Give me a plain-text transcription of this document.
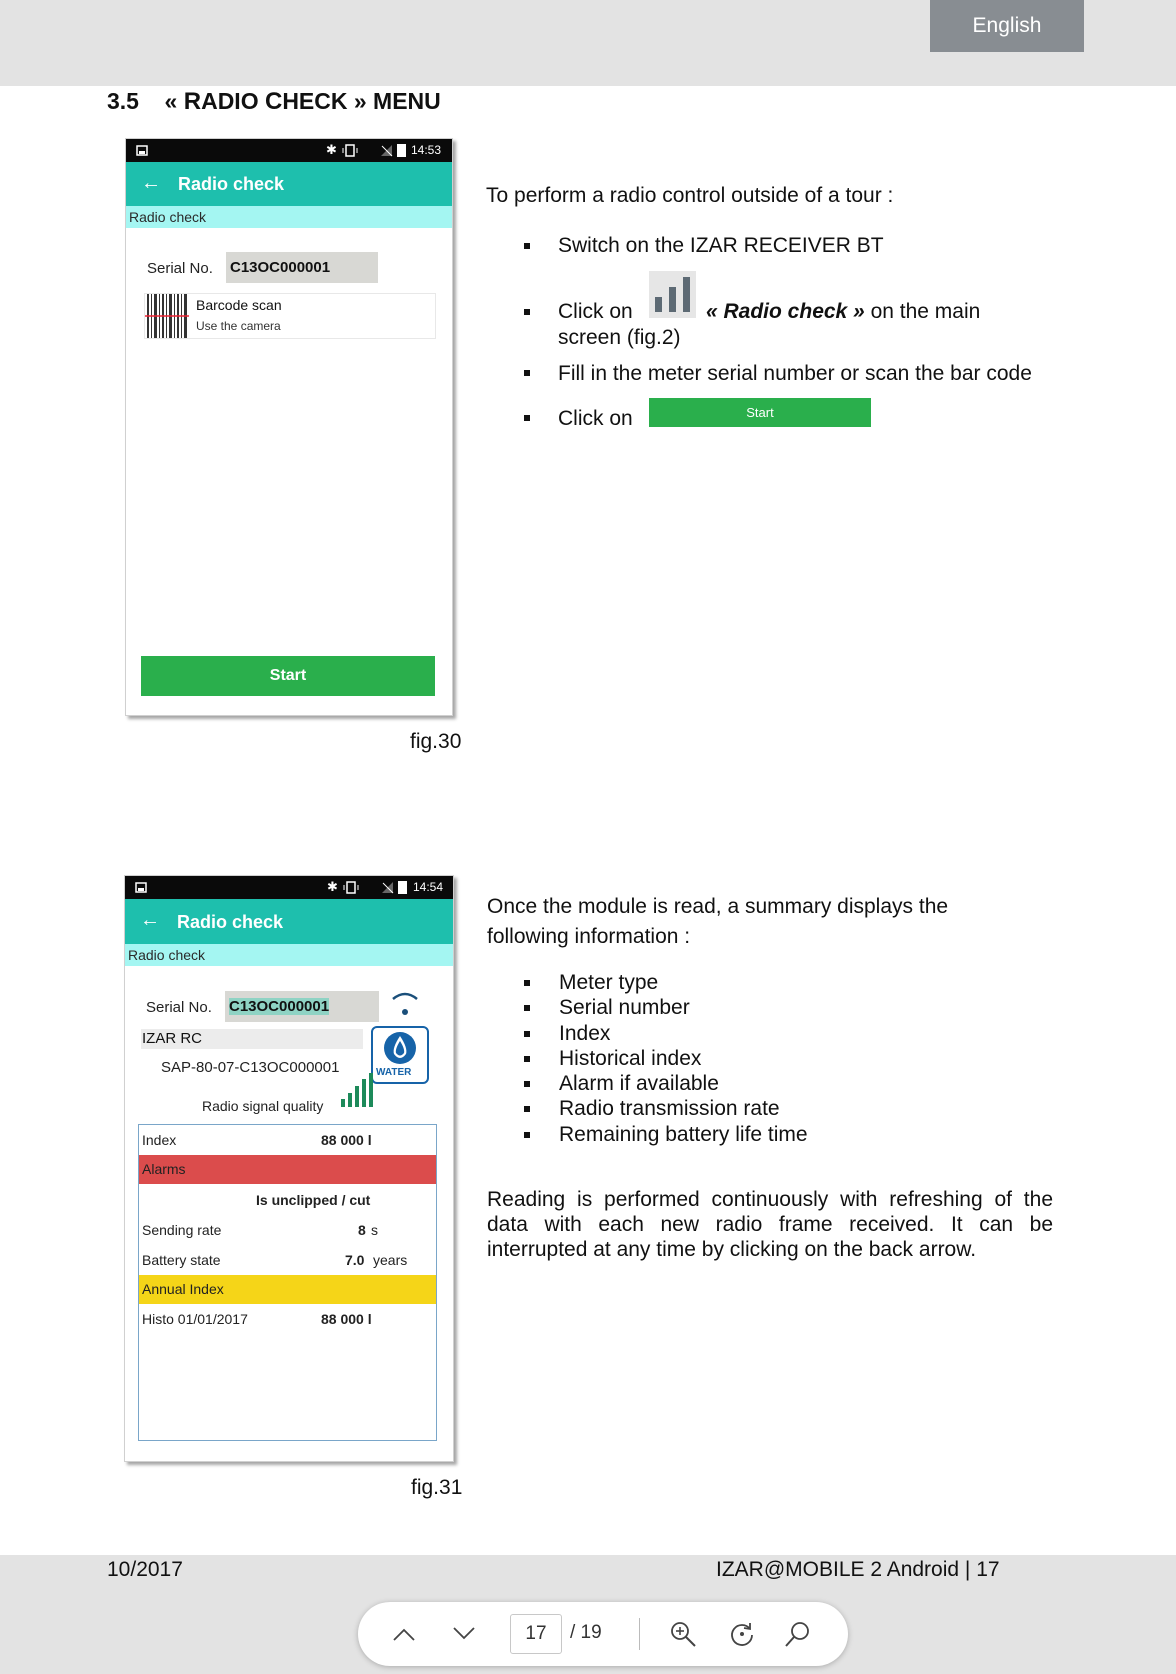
English
3.5 « RADIO CHECK » MENU
✱	14:53
← Radio check
Radio check
Serial No. C13OC000001
Barcode scan
Use the camera
Start
fig.30
To perform a radio control outside of a tour :
Switch on the IZAR RECEIVER BT
Click on	« Radio check » on the main
screen (fig.2)
Fill in the meter serial number or scan the bar code
Click on	Start
✱	14:54
← Radio check
Radio check
Serial No. C13OC000001
IZAR RC
WATER
SAP-80-07-C13OC000001
Radio signal quality
Index	88 000 l
Alarms
Is unclipped / cut
Sending rate	8 s
Battery state	7.0 years
Annual Index
Histo 01/01/2017	88 000 l
fig.31
Once the module is read, a summary displays the
following information :
Meter type
Serial number
Index
Historical index
Alarm if available
Radio transmission rate
Remaining battery life time
Reading is performed continuously with refreshing of the
data with each new radio frame received. It can be
interrupted at any time by clicking on the back arrow.
10/2017	IZAR@MOBILE 2 Android | 17
17	/ 19
